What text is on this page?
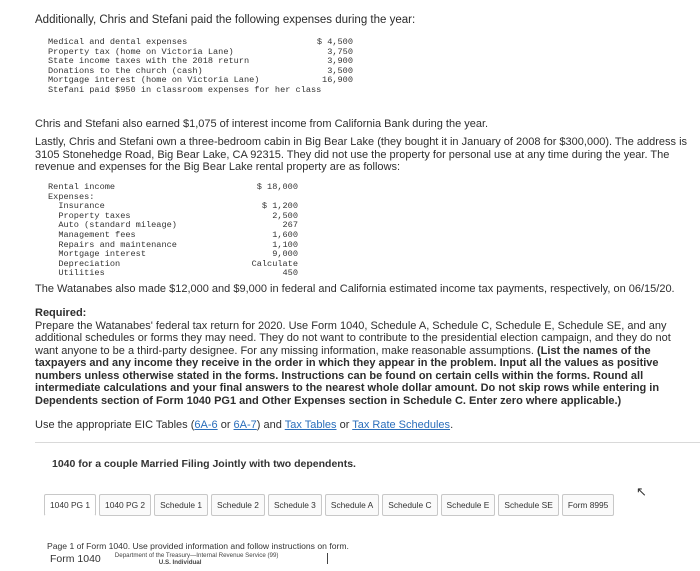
Additionally, Chris and Stefani paid the following expenses during the year:
Medical and dental expenses	$ 4,500
Property tax (home on Victoria Lane)	3,750
State income taxes with the 2018 return	3,900
Donations to the church (cash)	3,500
Mortgage interest (home on Victoria Lane)	16,900
Stefani paid $950 in classroom expenses for her class
Chris and Stefani also earned $1,075 of interest income from California Bank during the year.
Lastly, Chris and Stefani own a three-bedroom cabin in Big Bear Lake (they bought it in January of 2008 for $300,000). The address is 3105 Stonehedge Road, Big Bear Lake, CA 92315. They did not use the property for personal use at any time during the year. The revenue and expenses for the Big Bear Lake rental property are as follows:
Rental income	$ 18,000
Expenses:
Insurance	$ 1,200
Property taxes	2,500
Auto (standard mileage)	267
Management fees	1,600
Repairs and maintenance	1,100
Mortgage interest	9,000
Depreciation	Calculate
Utilities	450
The Watanabes also made $12,000 and $9,000 in federal and California estimated income tax payments, respectively, on 06/15/20.
Required:
Prepare the Watanabes' federal tax return for 2020. Use Form 1040, Schedule A, Schedule C, Schedule E, Schedule SE, and any additional schedules or forms they may need. They do not want to contribute to the presidential election campaign, and they do not want anyone to be a third-party designee. For any missing information, make reasonable assumptions. (List the names of the taxpayers and any income they receive in the order in which they appear in the problem. Input all the values as positive numbers unless otherwise stated in the forms. Instructions can be found on certain cells within the forms. Round all intermediate calculations and your final answers to the nearest whole dollar amount. Do not skip rows while entering in Dependents section of Form 1040 PG1 and Other Expenses section in Schedule C. Enter zero where applicable.)
Use the appropriate EIC Tables (6A-6 or 6A-7) and Tax Tables or Tax Rate Schedules.
1040 for a couple Married Filing Jointly with two dependents.
↖
1040 PG 1	1040 PG 2	Schedule 1	Schedule 2	Schedule 3	Schedule A	Schedule C	Schedule E	Schedule SE	Form 8995
Page 1 of Form 1040. Use provided information and follow instructions on form.
Form 1040 Department of the Treasury—Internal Revenue Service (99)
U.S. Individual
